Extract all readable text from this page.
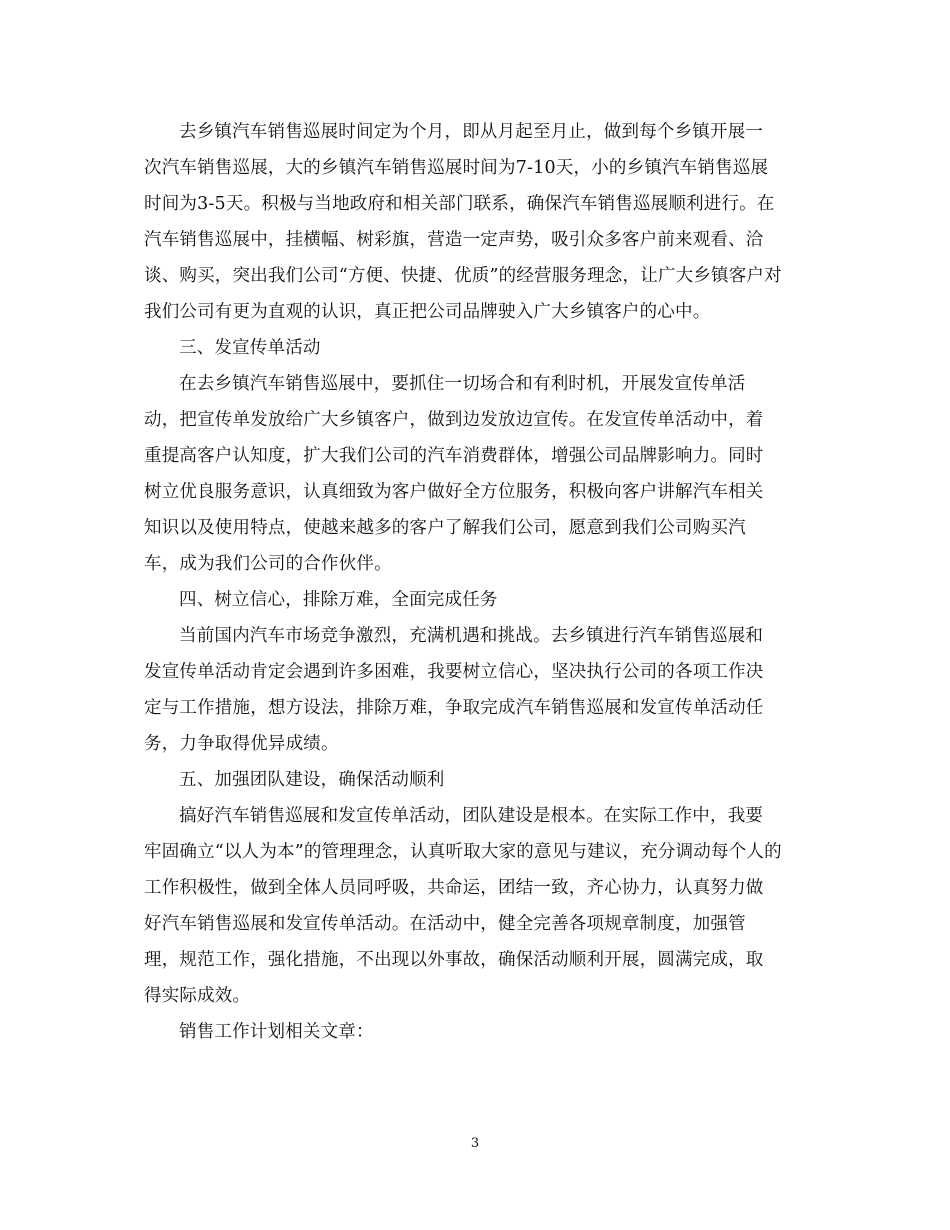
去乡镇汽车销售巡展时间定为个月，即从月起至月止，做到每个乡镇开展一
次汽车销售巡展，大的乡镇汽车销售巡展时间为7-10天，小的乡镇汽车销售巡展
时间为3-5天。积极与当地政府和相关部门联系，确保汽车销售巡展顺利进行。在
汽车销售巡展中，挂横幅、树彩旗，营造一定声势，吸引众多客户前来观看、洽
谈、购买，突出我们公司“方便、快捷、优质”的经营服务理念，让广大乡镇客户对
我们公司有更为直观的认识，真正把公司品牌驶入广大乡镇客户的心中。
三、发宣传单活动
在去乡镇汽车销售巡展中，要抓住一切场合和有利时机，开展发宣传单活
动，把宣传单发放给广大乡镇客户，做到边发放边宣传。在发宣传单活动中，着
重提高客户认知度，扩大我们公司的汽车消费群体，增强公司品牌影响力。同时
树立优良服务意识，认真细致为客户做好全方位服务，积极向客户讲解汽车相关
知识以及使用特点，使越来越多的客户了解我们公司，愿意到我们公司购买汽
车，成为我们公司的合作伙伴。
四、树立信心，排除万难，全面完成任务
当前国内汽车市场竞争激烈，充满机遇和挑战。去乡镇进行汽车销售巡展和
发宣传单活动肯定会遇到许多困难，我要树立信心，坚决执行公司的各项工作决
定与工作措施，想方设法，排除万难，争取完成汽车销售巡展和发宣传单活动任
务，力争取得优异成绩。
五、加强团队建设，确保活动顺利
搞好汽车销售巡展和发宣传单活动，团队建设是根本。在实际工作中，我要
牢固确立“以人为本”的管理理念，认真听取大家的意见与建议，充分调动每个人的
工作积极性，做到全体人员同呼吸，共命运，团结一致，齐心协力，认真努力做
好汽车销售巡展和发宣传单活动。在活动中，健全完善各项规章制度，加强管
理，规范工作，强化措施，不出现以外事故，确保活动顺利开展，圆满完成，取
得实际成效。
销售工作计划相关文章：
3
